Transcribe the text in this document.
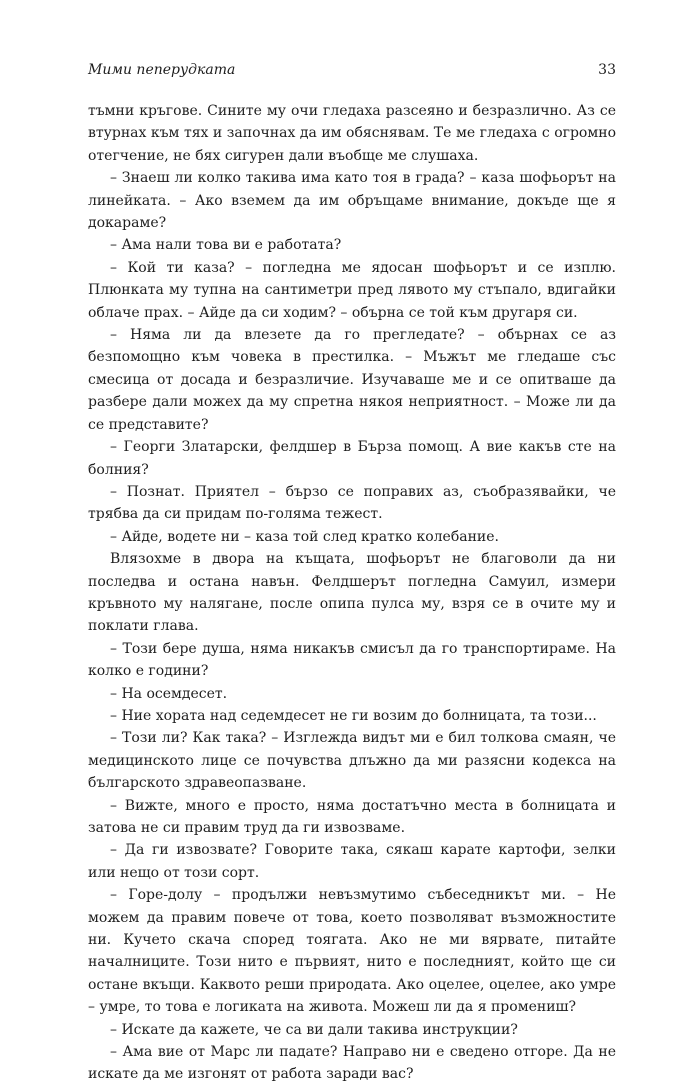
Мими пеперудката	33

тъмни кръгове. Сините му очи гледаха разсеяно и безразлично. Аз се втурнах към тях и започнах да им обяснявам. Те ме гледаха с огромно отегчение, не бях сигурен дали въобще ме слушаха.

– Знаеш ли колко такива има като тоя в града? – каза шофьорът на линейката. – Ако вземем да им обръщаме внимание, докъде ще я докараме?

– Ама нали това ви е работата?

– Кой ти каза? – погледна ме ядосан шофьорът и се изплю. Плюнката му тупна на сантиметри пред лявото му стъпало, вдигайки облаче прах. – Айде да си ходим? – обърна се той към другаря си.

– Няма ли да влезете да го прегледате? – обърнах се аз безпомощно към човека в престилка. – Мъжът ме гледаше със смесица от досада и безразличие. Изучаваше ме и се опитваше да разбере дали можех да му спретна някоя неприятност. – Може ли да се представите?

– Георги Златарски, фелдшер в Бърза помощ. А вие какъв сте на болния?

– Познат. Приятел – бързо се поправих аз, съобразявайки, че трябва да си придам по-голяма тежест.

– Айде, водете ни – каза той след кратко колебание.

Влязохме в двора на къщата, шофьорът не благоволи да ни последва и остана навън. Фелдшерът погледна Самуил, измери кръвното му налягане, после опипа пулса му, взря се в очите му и поклати глава.

– Този бере душа, няма никакъв смисъл да го транспортираме. На колко е години?

– На осемдесет.

– Ние хората над седемдесет не ги возим до болницата, та този...

– Този ли? Как така? – Изглежда видът ми е бил толкова смаян, че медицинското лице се почувства длъжно да ми разясни кодекса на българското здравеопазване.

– Вижте, много е просто, няма достатъчно места в болницата и затова не си правим труд да ги извозваме.

– Да ги извозвате? Говорите така, сякаш карате картофи, зелки или нещо от този сорт.

– Горе-долу – продължи невъзмутимо събеседникът ми. – Не можем да правим повече от това, което позволяват възможностите ни. Кучето скача според тоягата. Ако не ми вярвате, питайте началниците. Този нито е първият, нито е последният, който ще си остане вкъщи. Каквото реши природата. Ако оцелее, оцелее, ако умре – умре, то това е логиката на живота. Можеш ли да я промениш?

– Искате да кажете, че са ви дали такива инструкции?

– Ама вие от Марс ли падате? Направо ни е сведено отгоре. Да не искате да ме изгонят от работа заради вас?
